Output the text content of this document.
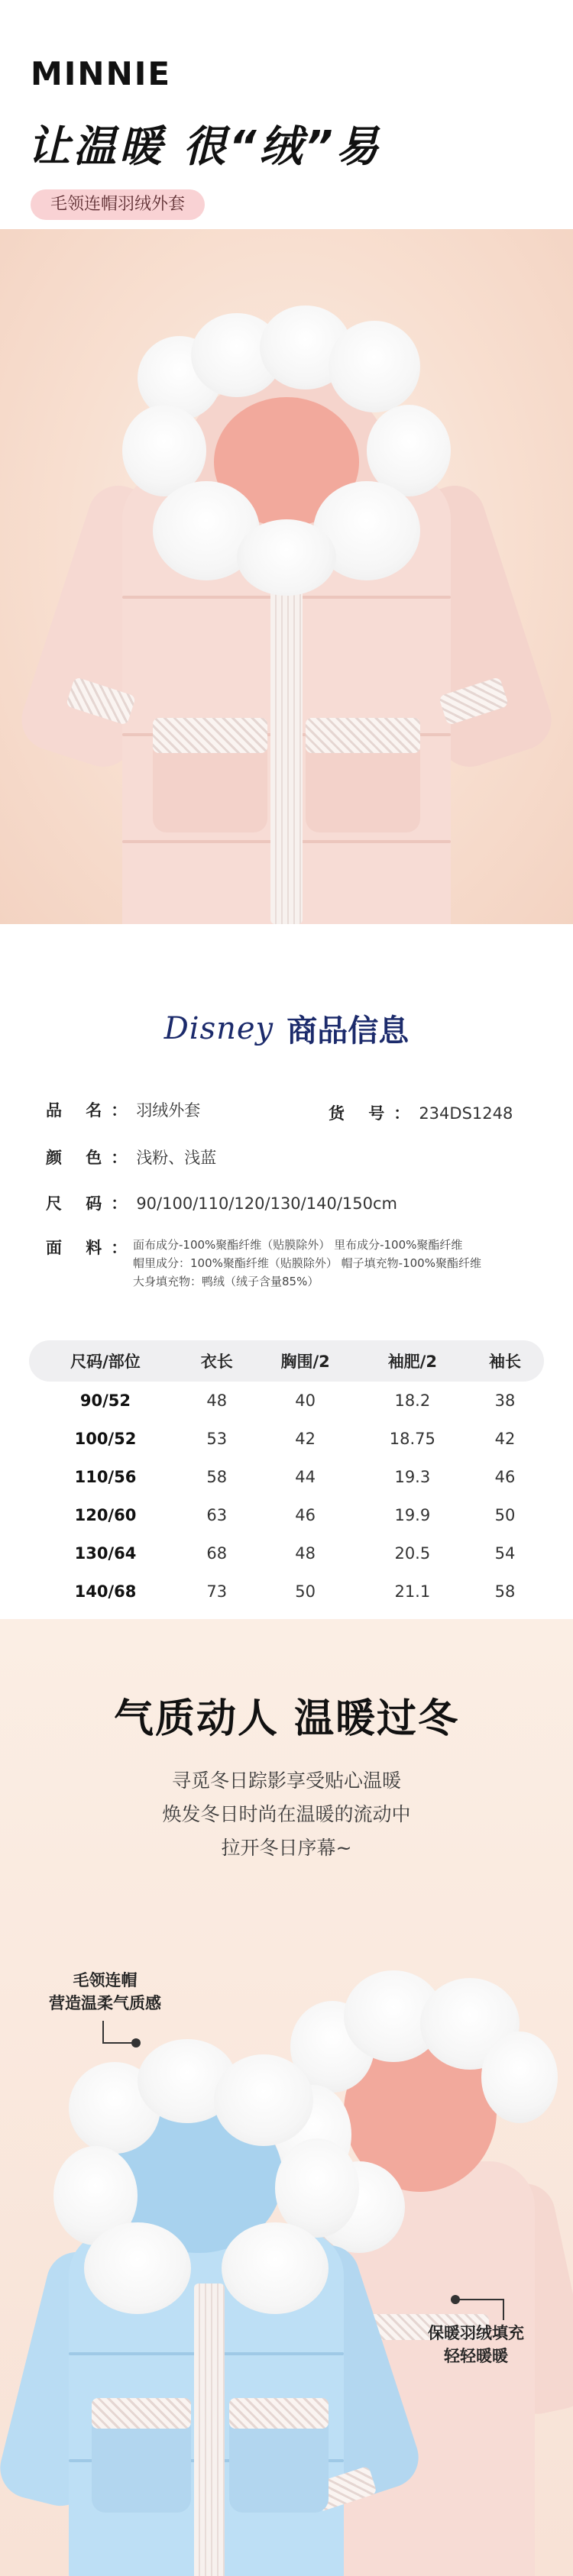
MINNIE
让温暖 很“绒”易
毛领连帽羽绒外套
Disney 商品信息
品 名：羽绒外套	货 号：234DS1248
颜 色：浅粉、浅蓝
尺 码：90/100/110/120/130/140/150cm
面 料：
面布成分-100%聚酯纤维（贴膜除外） 里布成分-100%聚酯纤维
帽里成分：100%聚酯纤维（贴膜除外） 帽子填充物-100%聚酯纤维
大身填充物：鸭绒（绒子含量85%）
尺码/部位	衣长	胸围/2	袖肥/2	袖长
90/52	48	40	18.2	38
100/52	53	42	18.75	42
110/56	58	44	19.3	46
120/60	63	46	19.9	50
130/64	68	48	20.5	54
140/68	73	50	21.1	58

气质动人 温暖过冬
寻觅冬日踪影享受贴心温暖
焕发冬日时尚在温暖的流动中
拉开冬日序幕~
毛领连帽
营造温柔气质感
保暖羽绒填充
轻轻暖暖
